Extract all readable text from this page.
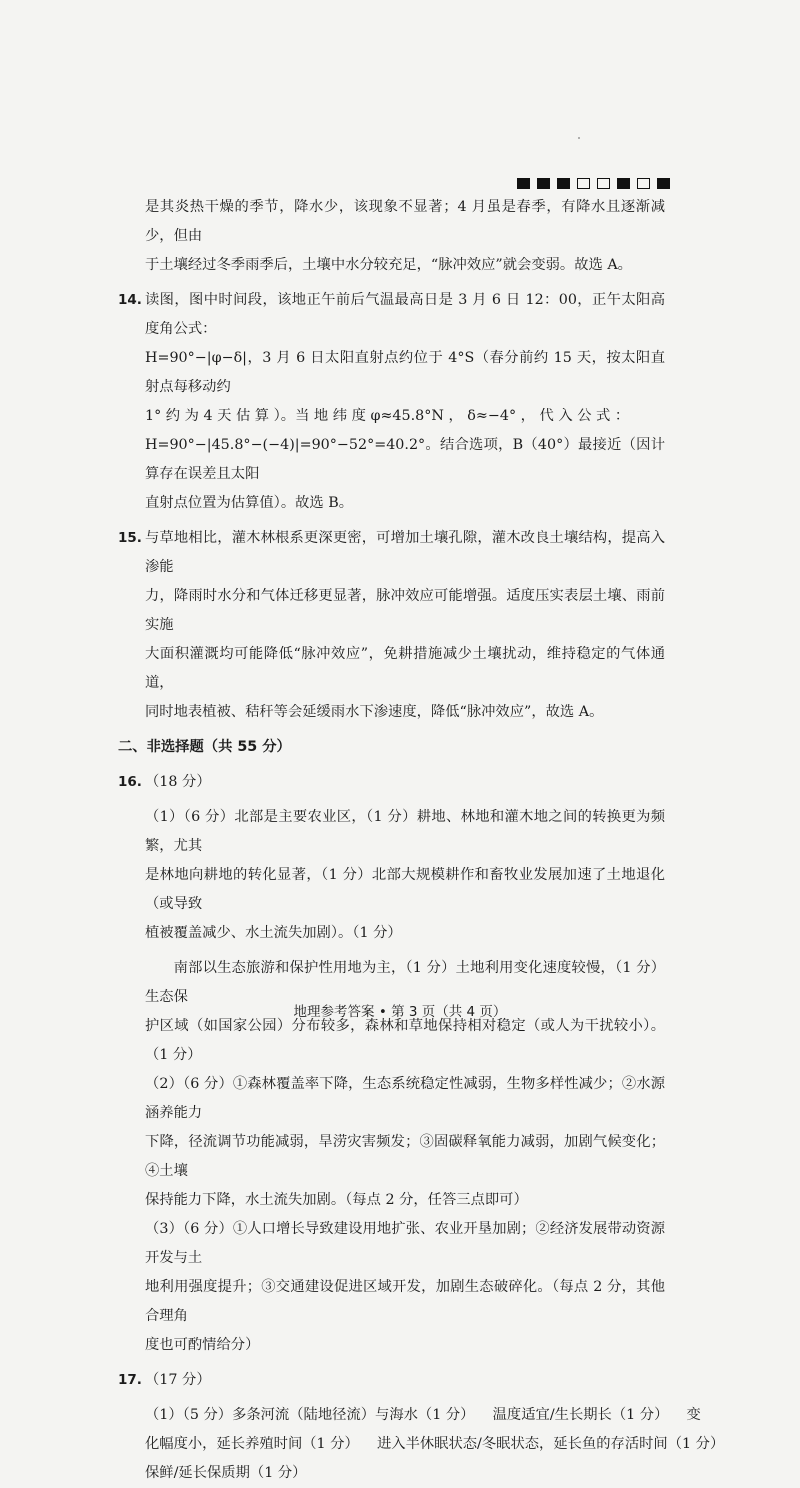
是其炎热干燥的季节，降水少，该现象不显著；4 月虽是春季，有降水且逐渐减少，但由

于土壤经过冬季雨季后，土壤中水分较充足，“脉冲效应”就会变弱。故选 A。

14. 读图，图中时间段，该地正午前后气温最高日是 3 月 6 日 12：00，正午太阳高度角公式：

H=90°−|φ−δ|，3 月 6 日太阳直射点约位于 4°S（春分前约 15 天，按太阳直射点每移动约

1° 约 为 4 天 估 算 ）。当 地 纬 度 φ≈45.8°N ， δ≈−4° ， 代 入 公 式 ：

H=90°−|45.8°−(−4)|=90°−52°=40.2°。结合选项，B（40°）最接近（因计算存在误差且太阳

直射点位置为估算值）。故选 B。

15. 与草地相比，灌木林根系更深更密，可增加土壤孔隙，灌木改良土壤结构，提高入渗能

力，降雨时水分和气体迁移更显著，脉冲效应可能增强。适度压实表层土壤、雨前实施

大面积灌溉均可能降低“脉冲效应”，免耕措施减少土壤扰动，维持稳定的气体通道，

同时地表植被、秸秆等会延缓雨水下渗速度，降低“脉冲效应”，故选 A。

二、非选择题（共 55 分）
16. （18 分）

（1）（6 分）北部是主要农业区，（1 分）耕地、林地和灌木地之间的转换更为频繁，尤其

是林地向耕地的转化显著，（1 分）北部大规模耕作和畜牧业发展加速了土地退化（或导致

植被覆盖减少、水土流失加剧）。（1 分）

南部以生态旅游和保护性用地为主，（1 分）土地利用变化速度较慢，（1 分）生态保

护区域（如国家公园）分布较多，森林和草地保持相对稳定（或人为干扰较小）。（1 分）

（2）（6 分）①森林覆盖率下降，生态系统稳定性减弱，生物多样性减少；②水源涵养能力

下降，径流调节功能减弱，旱涝灾害频发；③固碳释氧能力减弱，加剧气候变化；④土壤

保持能力下降，水土流失加剧。（每点 2 分，任答三点即可）

（3）（6 分）①人口增长导致建设用地扩张、农业开垦加剧；②经济发展带动资源开发与土

地利用强度提升；③交通建设促进区域开发，加剧生态破碎化。（每点 2 分，其他合理角

度也可酌情给分）

17. （17 分）

（1）（5 分）多条河流（陆地径流）与海水（1 分）    温度适宜/生长期长（1 分）    变

化幅度小，延长养殖时间（1 分）    进入半休眠状态/冬眠状态，延长鱼的存活时间（1 分）

保鲜/延长保质期（1 分）

地理参考答案 • 第 3 页（共 4 页）
